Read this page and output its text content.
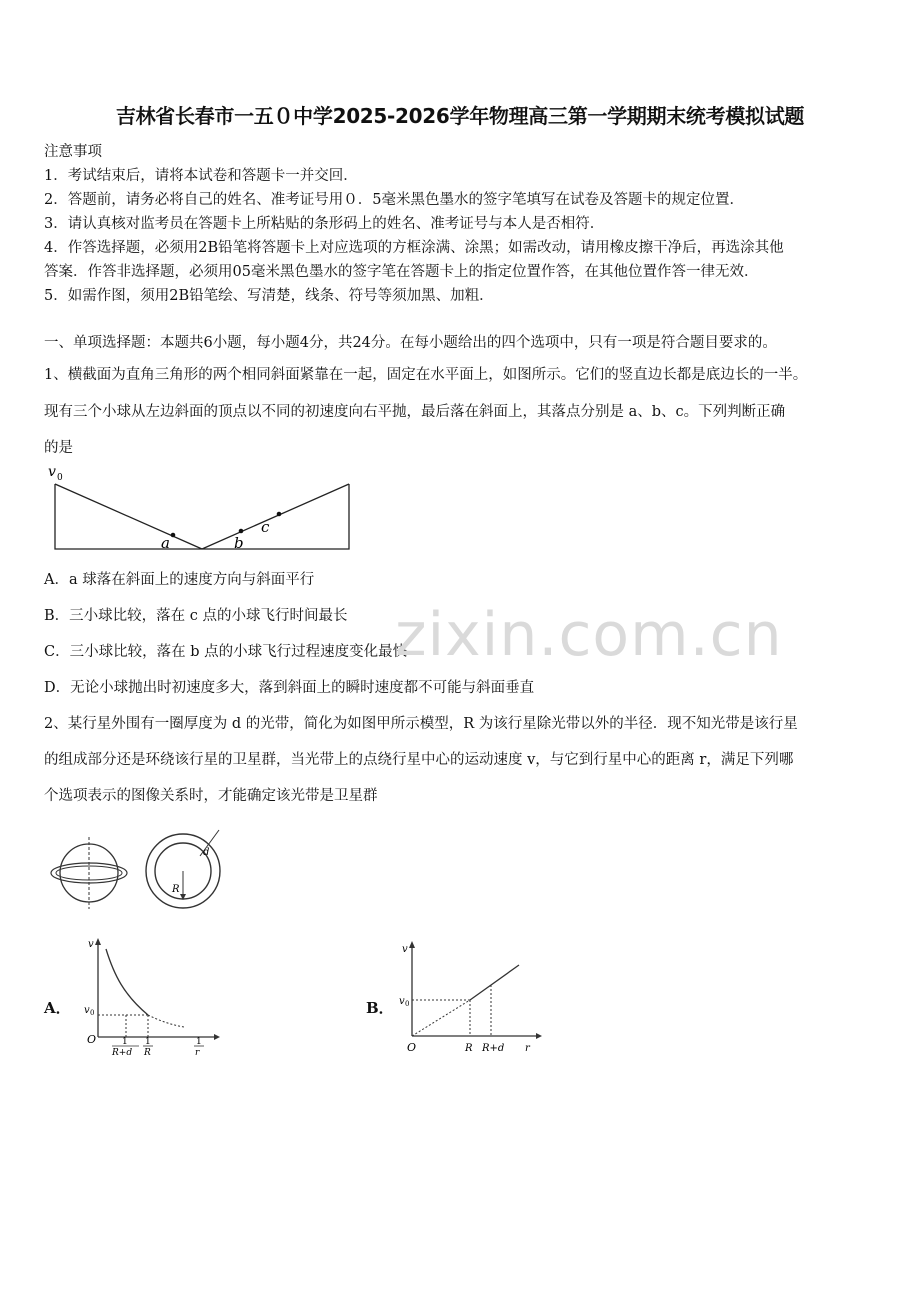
吉林省长春市一五０中学2025-2026学年物理高三第一学期期末统考模拟试题
注意事项
1．考试结束后，请将本试卷和答题卡一并交回．
2．答题前，请务必将自己的姓名、准考证号用０．5毫米黑色墨水的签字笔填写在试卷及答题卡的规定位置．
3．请认真核对监考员在答题卡上所粘贴的条形码上的姓名、准考证号与本人是否相符．
4．作答选择题，必须用2B铅笔将答题卡上对应选项的方框涂满、涂黑；如需改动，请用橡皮擦干净后，再选涂其他
答案．作答非选择题，必须用05毫米黑色墨水的签字笔在答题卡上的指定位置作答，在其他位置作答一律无效．
5．如需作图，须用2B铅笔绘、写清楚，线条、符号等须加黑、加粗．
一、单项选择题：本题共6小题，每小题4分，共24分。在每小题给出的四个选项中，只有一项是符合题目要求的。
1、横截面为直角三角形的两个相同斜面紧靠在一起，固定在水平面上，如图所示。它们的竖直边长都是底边长的一半。
现有三个小球从左边斜面的顶点以不同的初速度向右平抛，最后落在斜面上，其落点分别是 a、b、c。下列判断正确
的是
v 0
a	b
c
A．a 球落在斜面上的速度方向与斜面平行
B．三小球比较，落在 c 点的小球飞行时间最长
C．三小球比较，落在 b 点的小球飞行过程速度变化最快
D．无论小球抛出时初速度多大，落到斜面上的瞬时速度都不可能与斜面垂直
zixin.com.cn
2、某行星外围有一圈厚度为 d 的光带，简化为如图甲所示模型，R 为该行星除光带以外的半径．现不知光带是该行星
的组成部分还是环绕该行星的卫星群，当光带上的点绕行星中心的运动速度 v，与它到行星中心的距离 r，满足下列哪
个选项表示的图像关系时，才能确定该光带是卫星群
R
d
A．
v
v 0
O	1
R+d
1
R
1
r
B．
v
v 0
O	R R+d r
